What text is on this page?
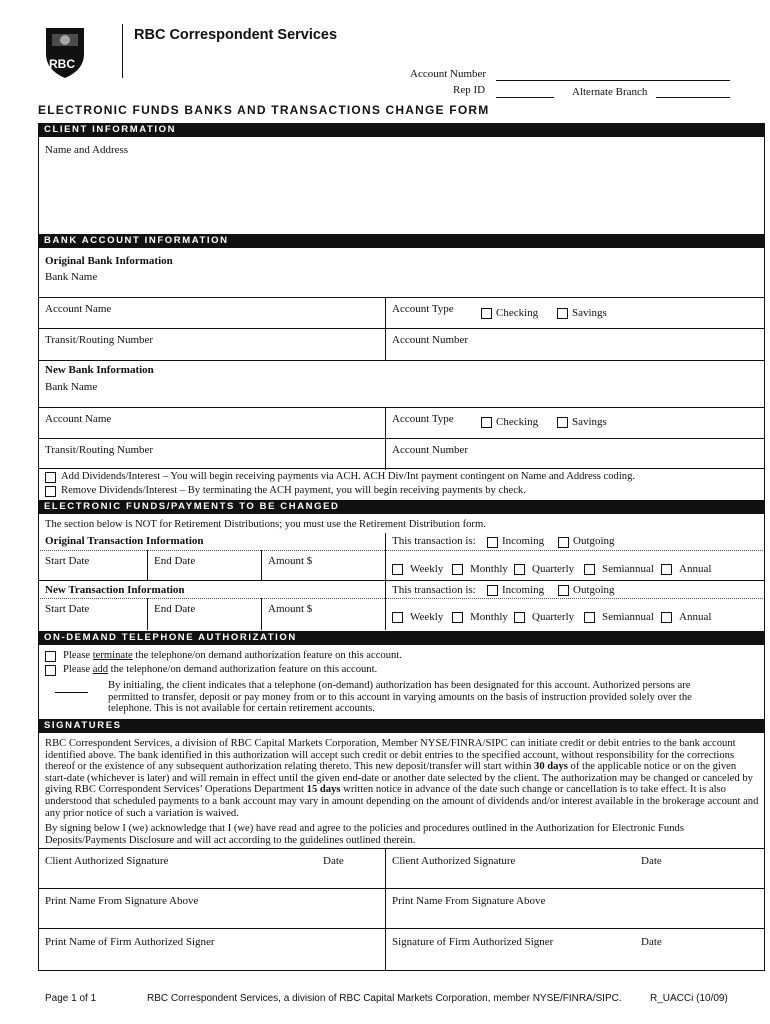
RBC
RBC Correspondent Services
Account Number
Rep ID	Alternate Branch
ELECTRONIC FUNDS BANKS AND TRANSACTIONS CHANGE FORM
CLIENT INFORMATION
Name and Address
BANK ACCOUNT INFORMATION
Original Bank Information
Bank Name
Account Name	Account Type	Checking	Savings
Transit/Routing Number	Account Number
New Bank Information
Bank Name
Account Name	Account Type	Checking	Savings
Transit/Routing Number	Account Number
Add Dividends/Interest – You will begin receiving payments via ACH. ACH Div/Int payment contingent on Name and Address coding.
Remove Dividends/Interest – By terminating the ACH payment, you will begin receiving payments by check.
ELECTRONIC FUNDS/PAYMENTS TO BE CHANGED
The section below is NOT for Retirement Distributions; you must use the Retirement Distribution form.
Original Transaction Information	This transaction is: Incoming	Outgoing
Start Date	End Date	Amount $
Weekly Monthly Quarterly	Semiannual Annual
New Transaction Information	This transaction is: Incoming	Outgoing
Start Date	End Date	Amount $
Weekly Monthly Quarterly	Semiannual Annual
ON-DEMAND TELEPHONE AUTHORIZATION
Please terminate the telephone/on demand authorization feature on this account.
Please add the telephone/on demand authorization feature on this account.
By initialing, the client indicates that a telephone (on-demand) authorization has been designated for this account. Authorized persons are permitted to transfer, deposit or pay money from or to this account in varying amounts on the basis of instruction provided solely over the telephone. This is not available for certain retirement accounts.
SIGNATURES
RBC Correspondent Services, a division of RBC Capital Markets Corporation, Member NYSE/FINRA/SIPC can initiate credit or debit entries to the bank account identified above. The bank identified in this authorization will accept such credit or debit entries to the specified account, without responsibility for the corrections thereof or the existence of any subsequent authorization relating thereto. This new deposit/transfer will start within 30 days of the applicable notice or on the given start-date (whichever is later) and will remain in effect until the given end-date or another date selected by the client. The authorization may be changed or canceled by giving RBC Correspondent Services’ Operations Department 15 days written notice in advance of the date such change or cancellation is to take effect. It is also understood that scheduled payments to a bank account may vary in amount depending on the amount of dividends and/or interest available in the brokerage account and any prior notice of such a variation is waived.
By signing below I (we) acknowledge that I (we) have read and agree to the policies and procedures outlined in the Authorization for Electronic Funds Deposits/Payments Disclosure and will act according to the guidelines outlined therein.
Client Authorized Signature	Date	Client Authorized Signature	Date
Print Name From Signature Above	Print Name From Signature Above
Print Name of Firm Authorized Signer	Signature of Firm Authorized Signer	Date
Page 1 of 1	RBC Correspondent Services, a division of RBC Capital Markets Corporation, member NYSE/FINRA/SIPC.	R_UACCi (10/09)
